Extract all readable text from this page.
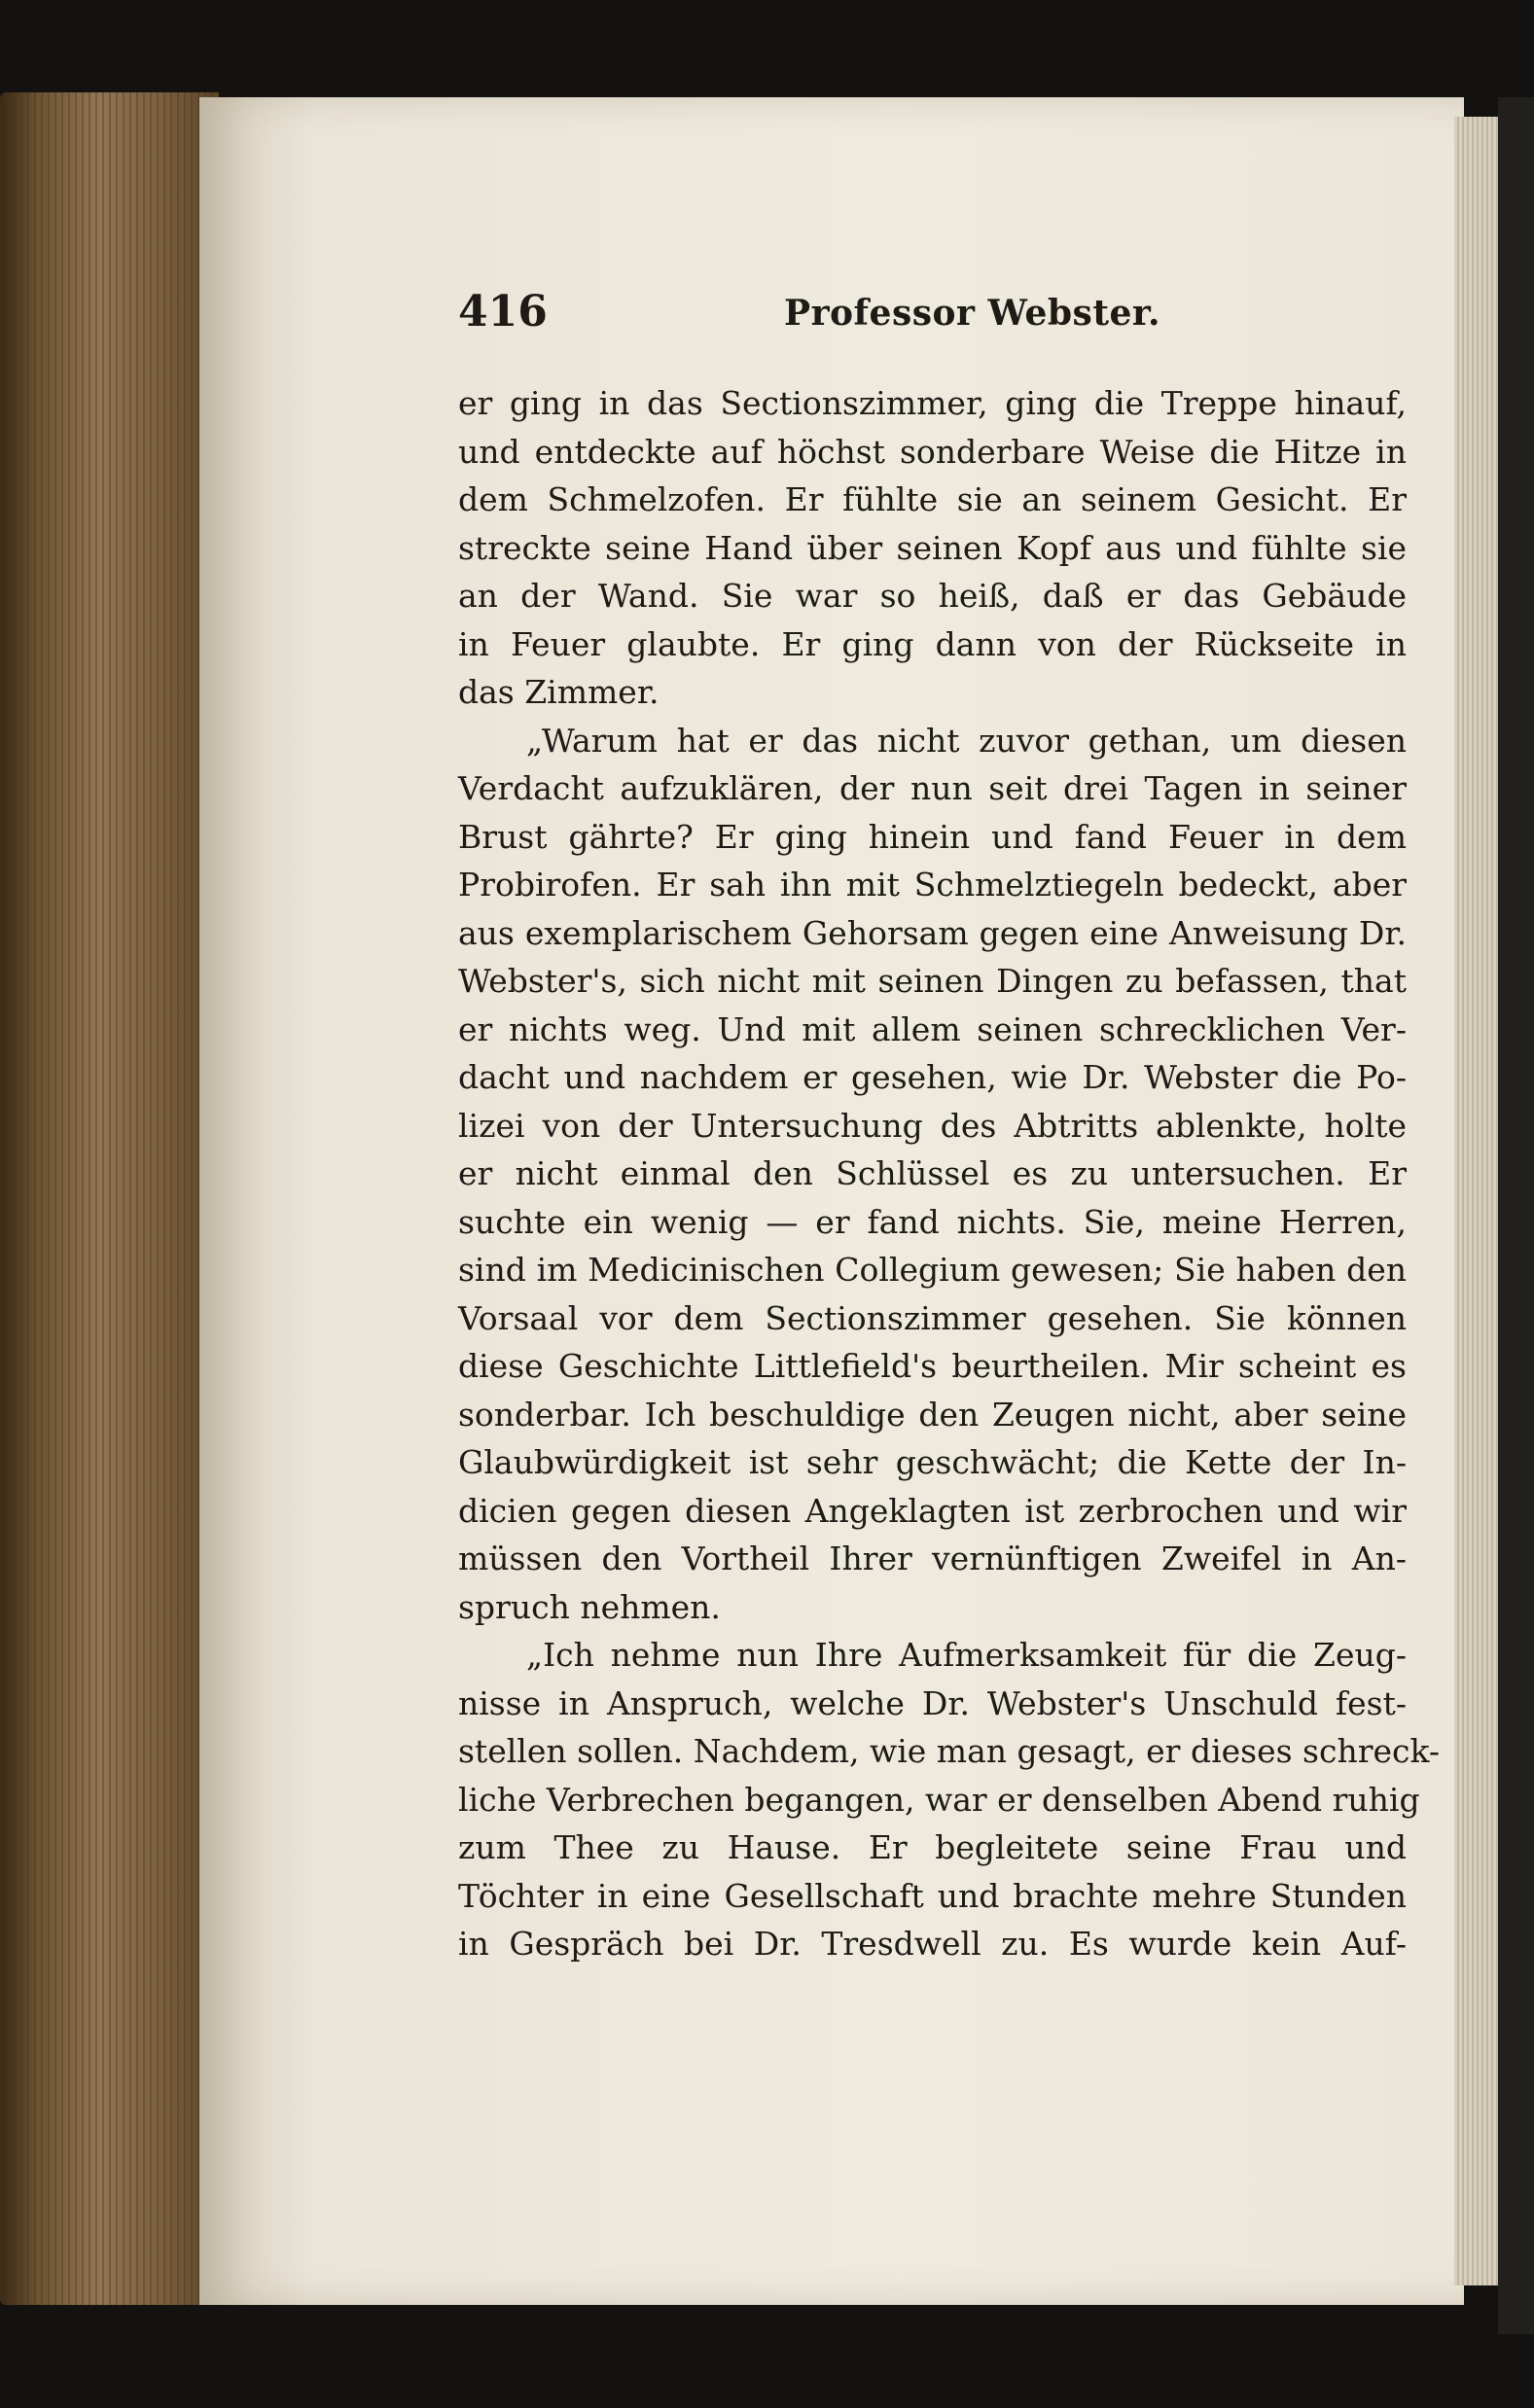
416	Professor Webster.
er ging in das Sectionszimmer, ging die Treppe hinauf,
und entdeckte auf höchst sonderbare Weise die Hitze in
dem Schmelzofen. Er fühlte sie an seinem Gesicht. Er
streckte seine Hand über seinen Kopf aus und fühlte sie
an der Wand. Sie war so heiß, daß er das Gebäude
in Feuer glaubte. Er ging dann von der Rückseite in
das Zimmer.
„Warum hat er das nicht zuvor gethan, um diesen
Verdacht aufzuklären, der nun seit drei Tagen in seiner
Brust gährte? Er ging hinein und fand Feuer in dem
Probirofen. Er sah ihn mit Schmelztiegeln bedeckt, aber
aus exemplarischem Gehorsam gegen eine Anweisung Dr.
Webster's, sich nicht mit seinen Dingen zu befassen, that
er nichts weg. Und mit allem seinen schrecklichen Ver-
dacht und nachdem er gesehen, wie Dr. Webster die Po-
lizei von der Untersuchung des Abtritts ablenkte, holte
er nicht einmal den Schlüssel es zu untersuchen. Er
suchte ein wenig — er fand nichts. Sie, meine Herren,
sind im Medicinischen Collegium gewesen; Sie haben den
Vorsaal vor dem Sectionszimmer gesehen. Sie können
diese Geschichte Littlefield's beurtheilen. Mir scheint es
sonderbar. Ich beschuldige den Zeugen nicht, aber seine
Glaubwürdigkeit ist sehr geschwächt; die Kette der In-
dicien gegen diesen Angeklagten ist zerbrochen und wir
müssen den Vortheil Ihrer vernünftigen Zweifel in An-
spruch nehmen.
„Ich nehme nun Ihre Aufmerksamkeit für die Zeug-
nisse in Anspruch, welche Dr. Webster's Unschuld fest-
stellen sollen. Nachdem, wie man gesagt, er dieses schreck-
liche Verbrechen begangen, war er denselben Abend ruhig
zum Thee zu Hause. Er begleitete seine Frau und
Töchter in eine Gesellschaft und brachte mehre Stunden
in Gespräch bei Dr. Tresdwell zu. Es wurde kein Auf-
